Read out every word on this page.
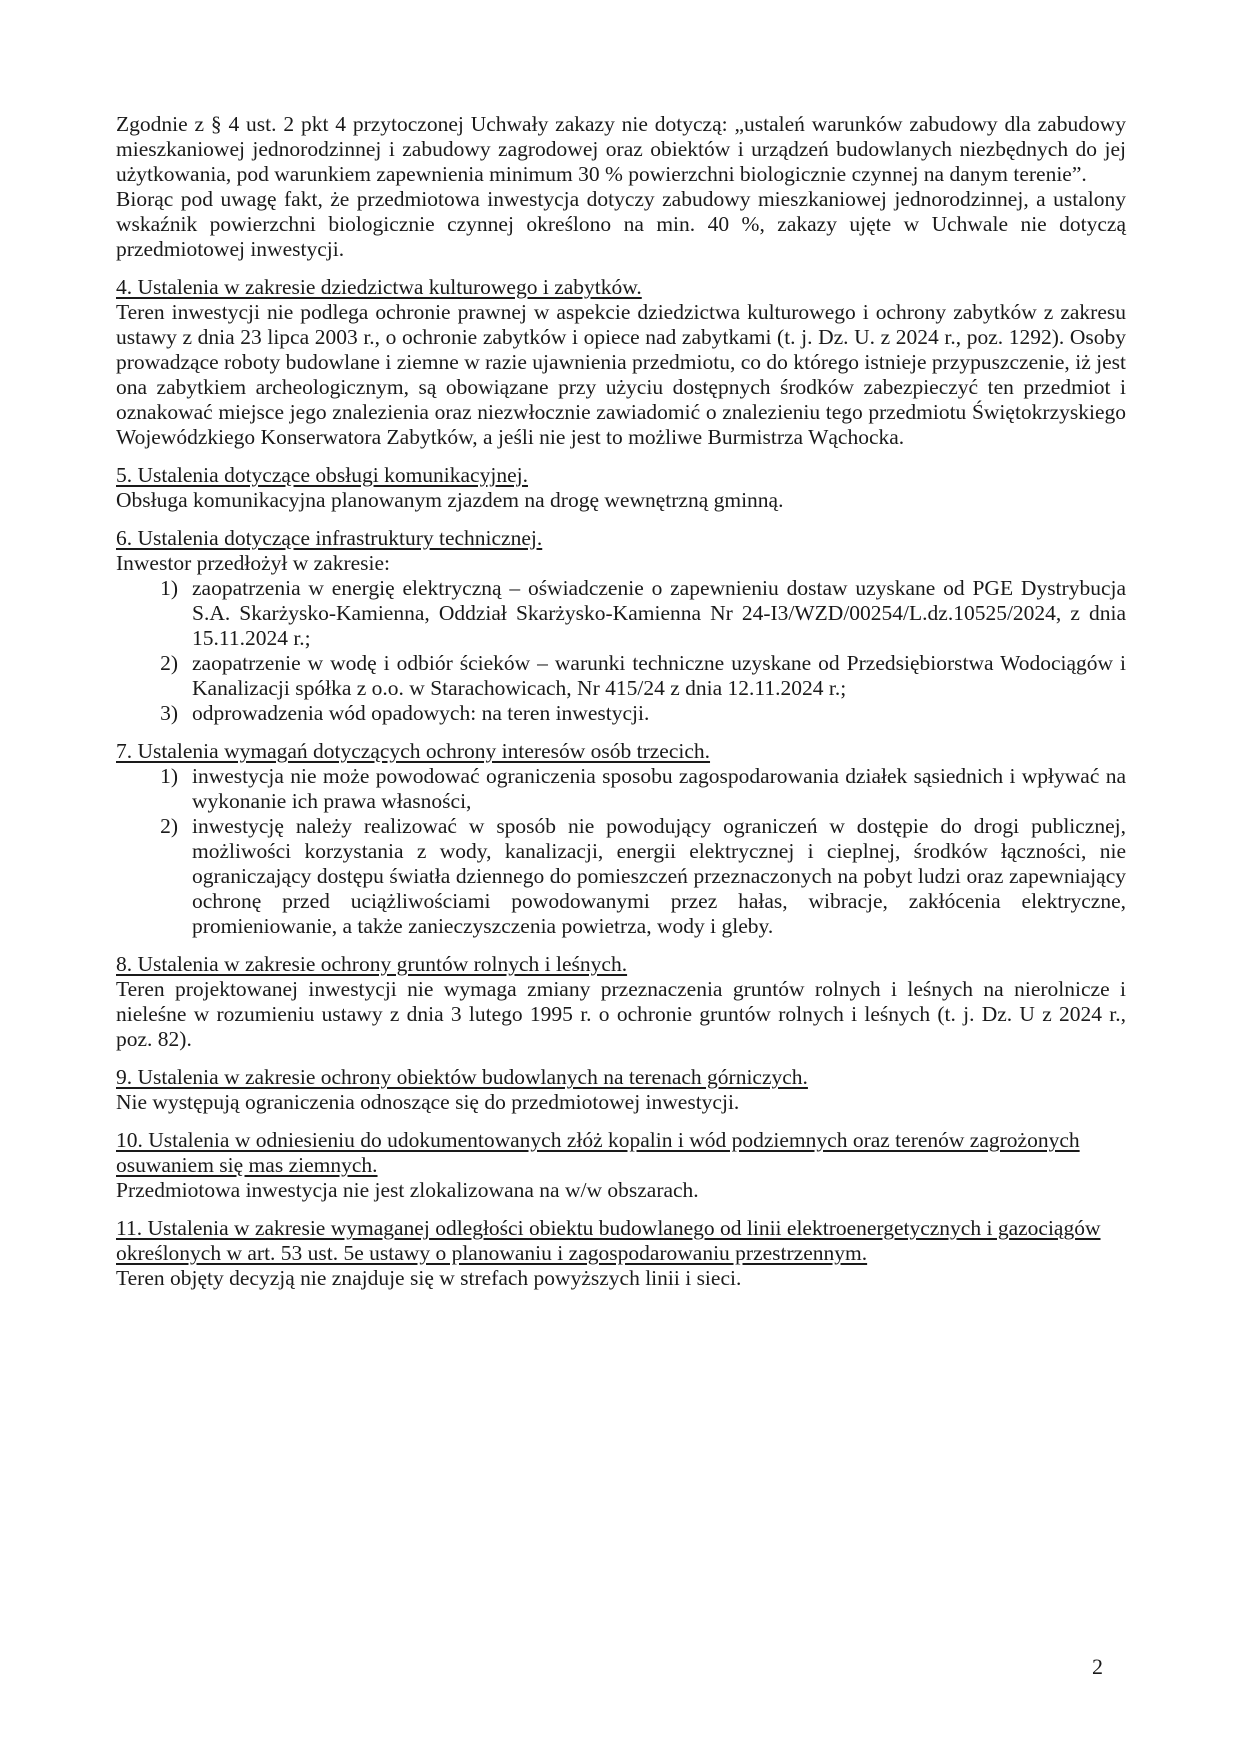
Zgodnie z § 4 ust. 2 pkt 4 przytoczonej Uchwały zakazy nie dotyczą: „ustaleń warunków zabudowy dla zabudowy mieszkaniowej jednorodzinnej i zabudowy zagrodowej oraz obiektów i urządzeń budowlanych niezbędnych do jej użytkowania, pod warunkiem zapewnienia minimum 30 % powierzchni biologicznie czynnej na danym terenie”.

Biorąc pod uwagę fakt, że przedmiotowa inwestycja dotyczy zabudowy mieszkaniowej jednorodzinnej, a ustalony wskaźnik powierzchni biologicznie czynnej określono na min. 40 %, zakazy ujęte w Uchwale nie dotyczą przedmiotowej inwestycji.

4. Ustalenia w zakresie dziedzictwa kulturowego i zabytków.

Teren inwestycji nie podlega ochronie prawnej w aspekcie dziedzictwa kulturowego i ochrony zabytków z zakresu ustawy z dnia 23 lipca 2003 r., o ochronie zabytków i opiece nad zabytkami (t. j. Dz. U. z 2024 r., poz. 1292). Osoby prowadzące roboty budowlane i ziemne w razie ujawnienia przedmiotu, co do którego istnieje przypuszczenie, iż jest ona zabytkiem archeologicznym, są obowiązane przy użyciu dostępnych środków zabezpieczyć ten przedmiot i oznakować miejsce jego znalezienia oraz niezwłocznie zawiadomić o znalezieniu tego przedmiotu Świętokrzyskiego Wojewódzkiego Konserwatora Zabytków, a jeśli nie jest to możliwe Burmistrza Wąchocka.

5. Ustalenia dotyczące obsługi komunikacyjnej.

Obsługa komunikacyjna planowanym zjazdem na drogę wewnętrzną gminną.

6. Ustalenia dotyczące infrastruktury technicznej.

Inwestor przedłożył w zakresie:

1) zaopatrzenia w energię elektryczną – oświadczenie o zapewnieniu dostaw uzyskane od PGE Dystrybucja S.A. Skarżysko-Kamienna, Oddział Skarżysko-Kamienna Nr 24-I3/WZD/00254/L.dz.10525/2024, z dnia 15.11.2024 r.;
2) zaopatrzenie w wodę i odbiór ścieków – warunki techniczne uzyskane od Przedsiębiorstwa Wodociągów i Kanalizacji spółka z o.o. w Starachowicach, Nr 415/24 z dnia 12.11.2024 r.;
3) odprowadzenia wód opadowych: na teren inwestycji.

7. Ustalenia wymagań dotyczących ochrony interesów osób trzecich.

1) inwestycja nie może powodować ograniczenia sposobu zagospodarowania działek sąsiednich i wpływać na wykonanie ich prawa własności,
2) inwestycję należy realizować w sposób nie powodujący ograniczeń w dostępie do drogi publicznej, możliwości korzystania z wody, kanalizacji, energii elektrycznej i cieplnej, środków łączności, nie ograniczający dostępu światła dziennego do pomieszczeń przeznaczonych na pobyt ludzi oraz zapewniający ochronę przed uciążliwościami powodowanymi przez hałas, wibracje, zakłócenia elektryczne, promieniowanie, a także zanieczyszczenia powietrza, wody i gleby.

8. Ustalenia w zakresie ochrony gruntów rolnych i leśnych.

Teren projektowanej inwestycji nie wymaga zmiany przeznaczenia gruntów rolnych i leśnych na nierolnicze i nieleśne w rozumieniu ustawy z dnia 3 lutego 1995 r. o ochronie gruntów rolnych i leśnych (t. j. Dz. U z 2024 r., poz. 82).

9. Ustalenia w zakresie ochrony obiektów budowlanych na terenach górniczych.

Nie występują ograniczenia odnoszące się do przedmiotowej inwestycji.

10. Ustalenia w odniesieniu do udokumentowanych złóż kopalin i wód podziemnych oraz terenów zagrożonych osuwaniem się mas ziemnych.

Przedmiotowa inwestycja nie jest zlokalizowana na w/w obszarach.

11. Ustalenia w zakresie wymaganej odległości obiektu budowlanego od linii elektroenergetycznych i gazociągów określonych w art. 53 ust. 5e ustawy o planowaniu i zagospodarowaniu przestrzennym.

Teren objęty decyzją nie znajduje się w strefach powyższych linii i sieci.

2
